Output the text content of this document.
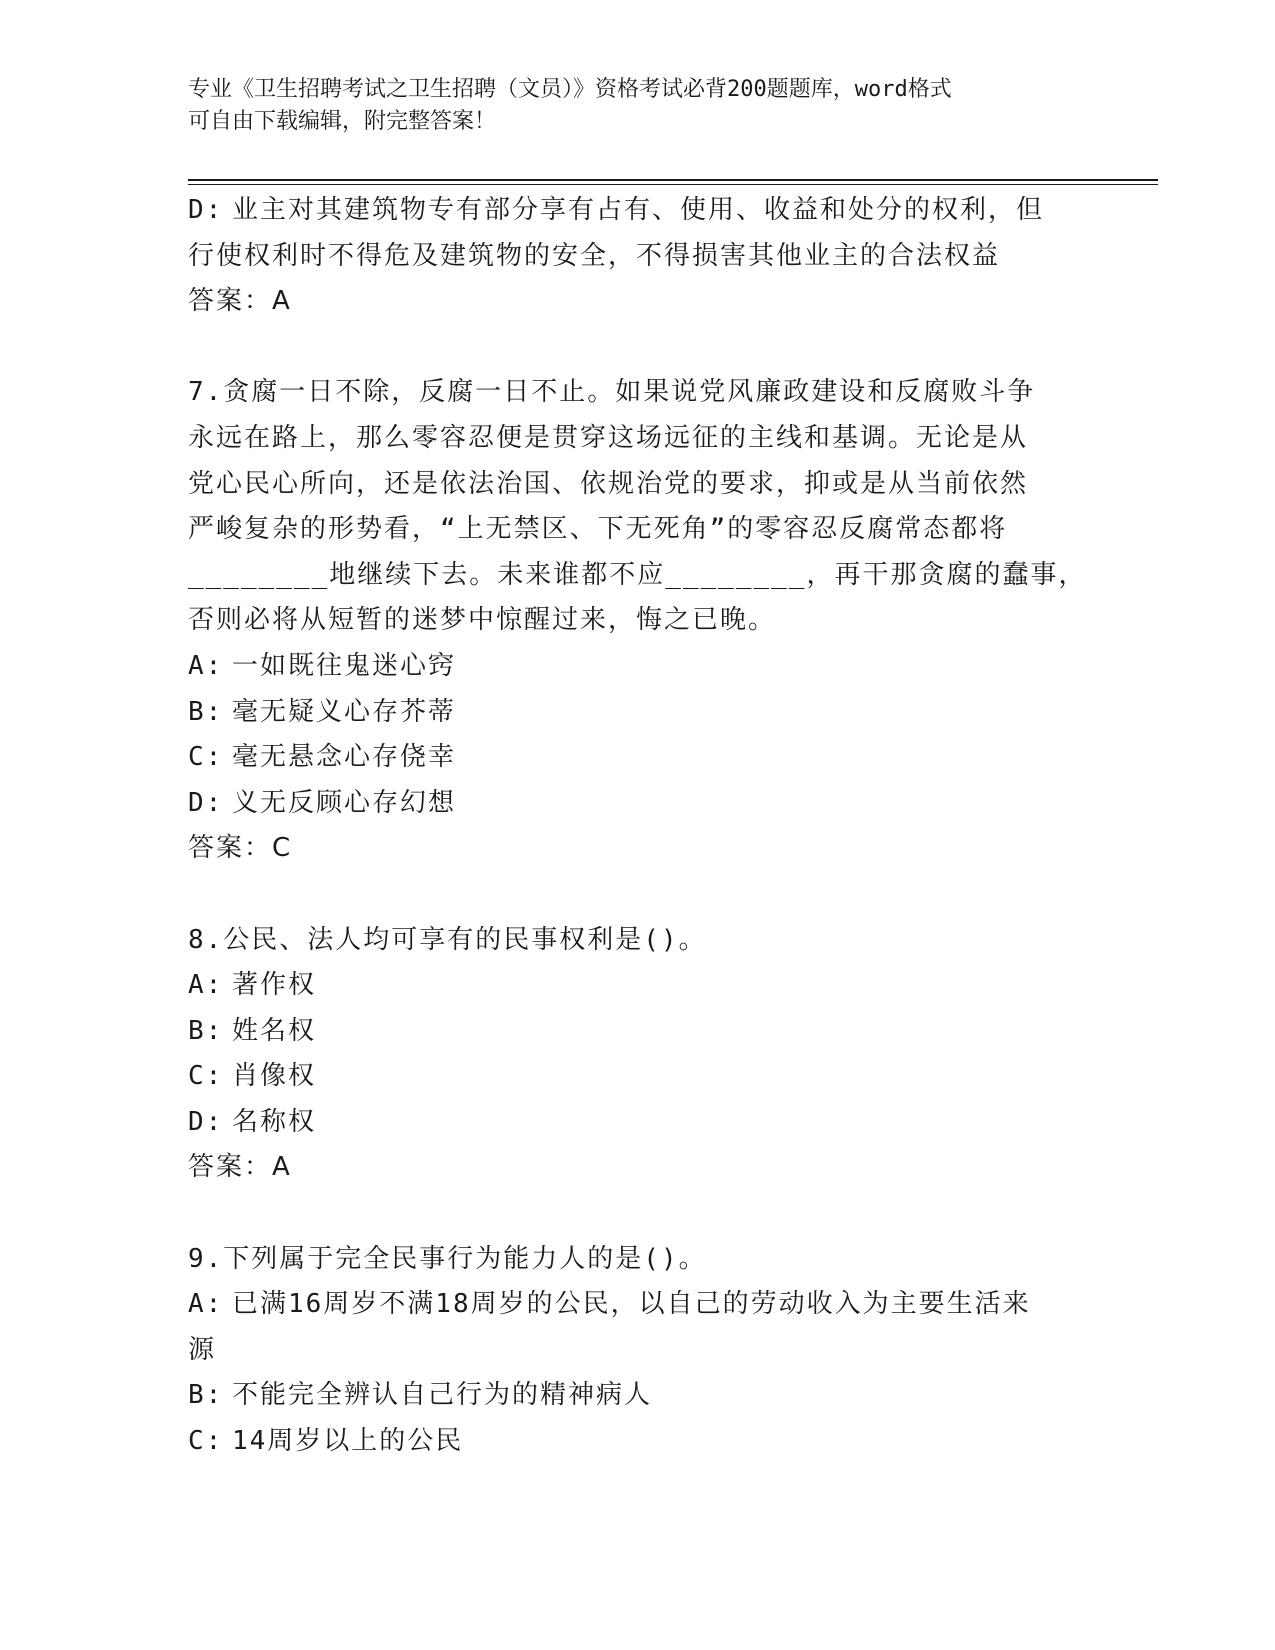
专业《卫生招聘考试之卫生招聘（文员）》资格考试必背200题题库，word格式
可自由下载编辑，附完整答案！
D: 业主对其建筑物专有部分享有占有、使用、收益和处分的权利，但
行使权利时不得危及建筑物的安全，不得损害其他业主的合法权益
答案：A
7.贪腐一日不除，反腐一日不止。如果说党风廉政建设和反腐败斗争
永远在路上，那么零容忍便是贯穿这场远征的主线和基调。无论是从
党心民心所向，还是依法治国、依规治党的要求，抑或是从当前依然
严峻复杂的形势看，“上无禁区、下无死角”的零容忍反腐常态都将
________地继续下去。未来谁都不应________，再干那贪腐的蠢事，
否则必将从短暂的迷梦中惊醒过来，悔之已晚。
A: 一如既往鬼迷心窍
B: 毫无疑义心存芥蒂
C: 毫无悬念心存侥幸
D: 义无反顾心存幻想
答案：C
8.公民、法人均可享有的民事权利是()。
A: 著作权
B: 姓名权
C: 肖像权
D: 名称权
答案：A
9.下列属于完全民事行为能力人的是()。
A: 已满16周岁不满18周岁的公民，以自己的劳动收入为主要生活来
源
B: 不能完全辨认自己行为的精神病人
C: 14周岁以上的公民
